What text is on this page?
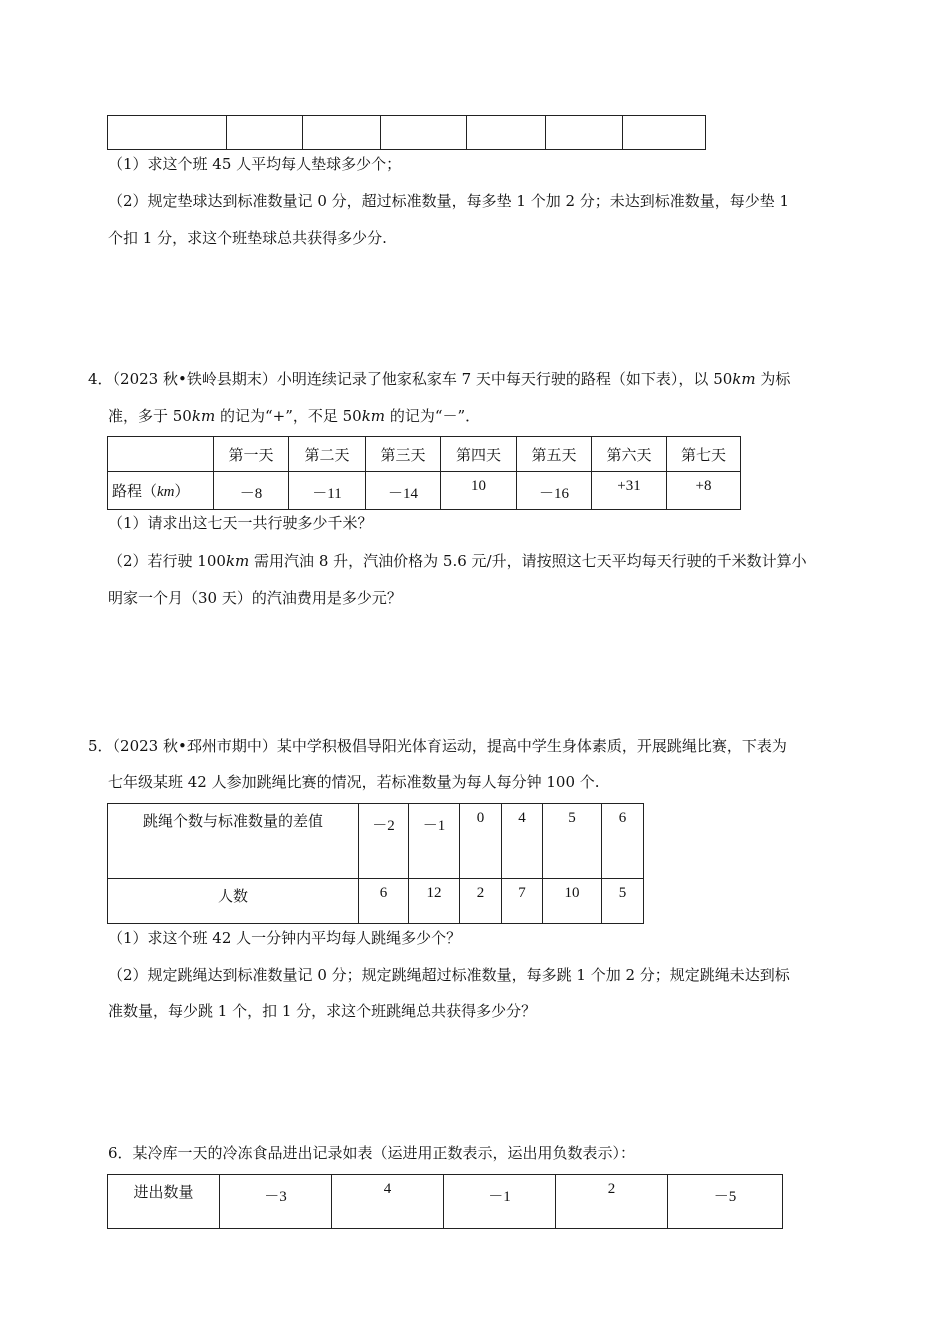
（1）求这个班 45 人平均每人垫球多少个；
（2）规定垫球达到标准数量记 0 分，超过标准数量，每多垫 1 个加 2 分；未达到标准数量，每少垫 1
个扣 1 分，求这个班垫球总共获得多少分.
4．（2023 秋•铁岭县期末）小明连续记录了他家私家车 7 天中每天行驶的路程（如下表），以 50km 为标
准，多于 50km 的记为“+”，不足 50km 的记为“－”．
	第一天	第二天	第三天	第四天	第五天	第六天	第七天
路程（km）	－8	－11	－14	10	－16	+31	+8
（1）请求出这七天一共行驶多少千米？
（2）若行驶 100km 需用汽油 8 升，汽油价格为 5.6 元/升，请按照这七天平均每天行驶的千米数计算小
明家一个月（30 天）的汽油费用是多少元？
5．（2023 秋•邳州市期中）某中学积极倡导阳光体育运动，提高中学生身体素质，开展跳绳比赛，下表为
七年级某班 42 人参加跳绳比赛的情况，若标准数量为每人每分钟 100 个.
跳绳个数与标准数量的差值	－2	－1	0	4	5	6
人数	6	12	2	7	10	5
（1）求这个班 42 人一分钟内平均每人跳绳多少个？
（2）规定跳绳达到标准数量记 0 分；规定跳绳超过标准数量，每多跳 1 个加 2 分；规定跳绳未达到标
准数量，每少跳 1 个，扣 1 分，求这个班跳绳总共获得多少分？
6．某冷库一天的冷冻食品进出记录如表（运进用正数表示，运出用负数表示）：
进出数量	－3	4	－1	2	－5
